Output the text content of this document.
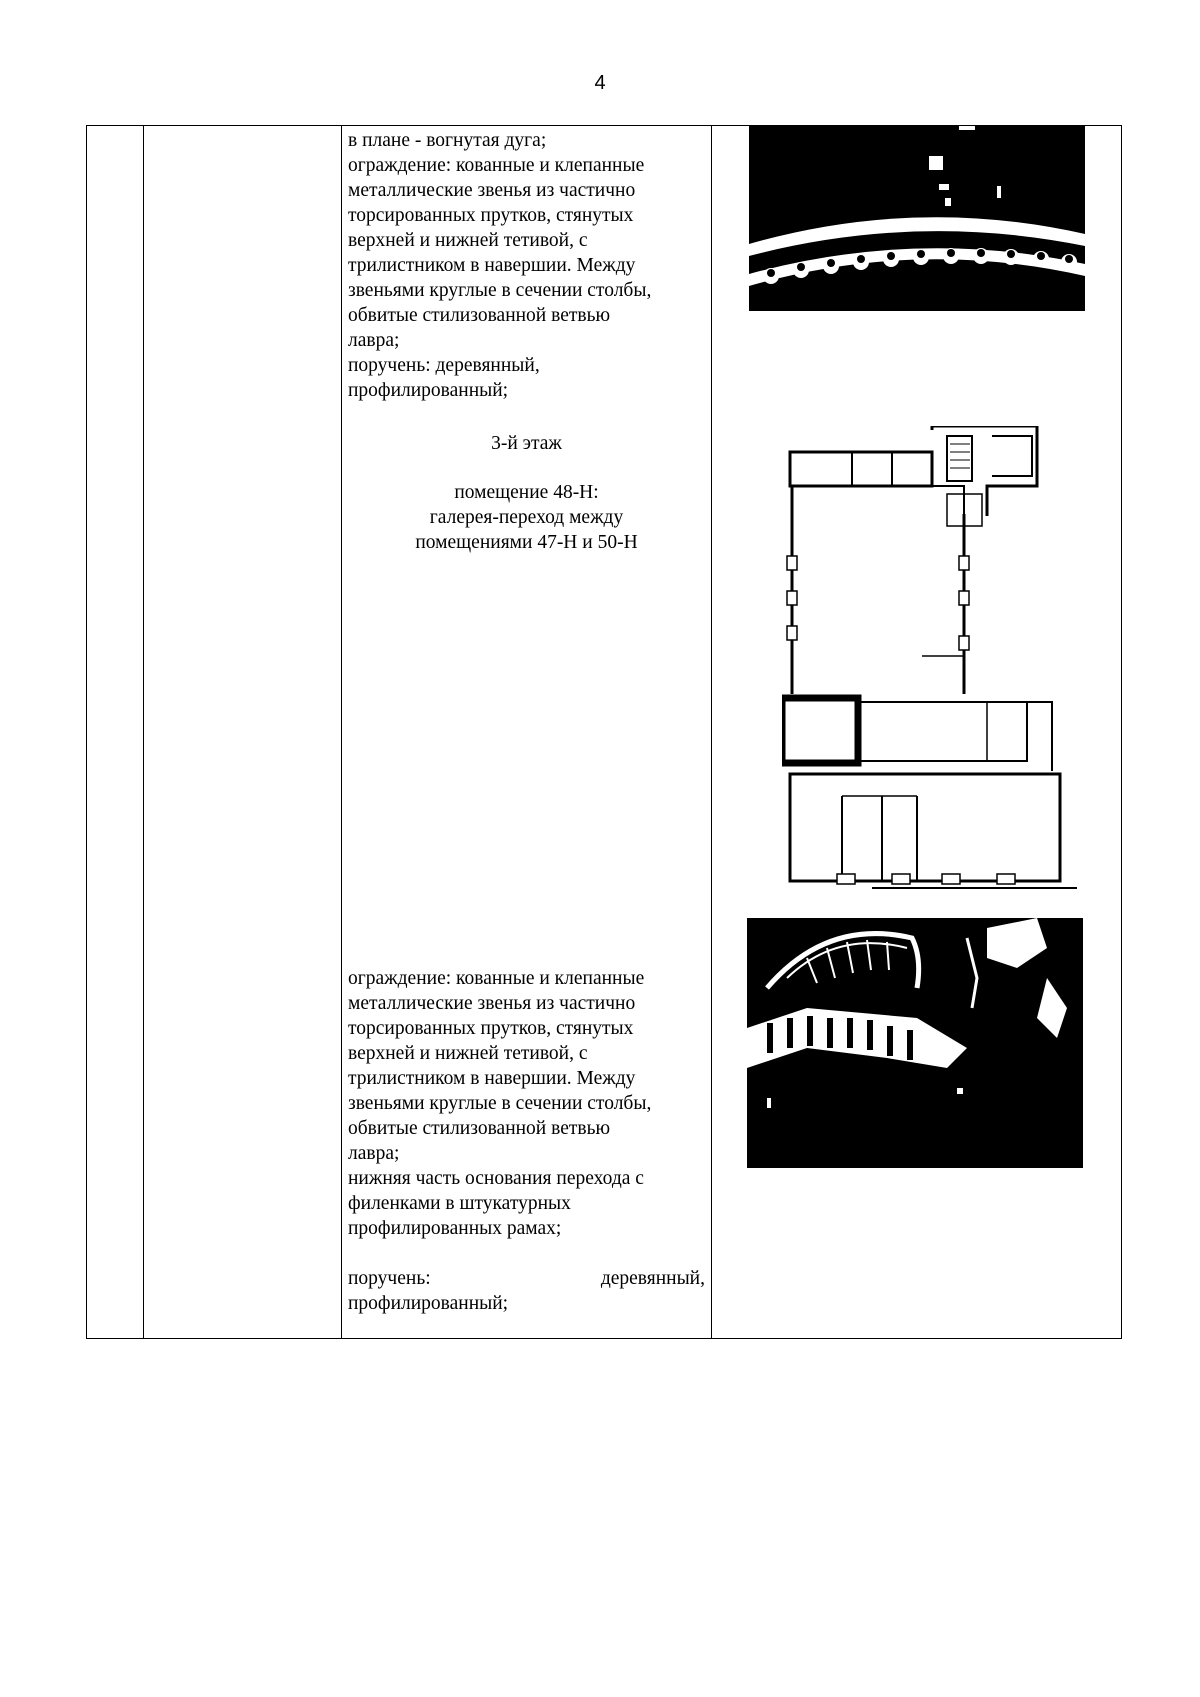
4

в плане - вогнутая дуга;

ограждение: кованные и клепанные

металлические звенья из частично

торсированных прутков, стянутых

верхней и нижней тетивой, с

трилистником в навершии. Между

звеньями круглые в сечении столбы,

обвитые стилизованной ветвью

лавра;

поручень: деревянный,

профилированный;

3-й этаж

помещение 48-Н:

галерея-переход между

помещениями 47-Н и 50-Н

ограждение: кованные и клепанные

металлические звенья из частично

торсированных прутков, стянутых

верхней и нижней тетивой, с

трилистником в навершии. Между

звеньями круглые в сечении столбы,

обвитые стилизованной ветвью

лавра;

нижняя часть основания перехода с

филенками в штукатурных

профилированных рамах;

поручень:	деревянный,

профилированный;
